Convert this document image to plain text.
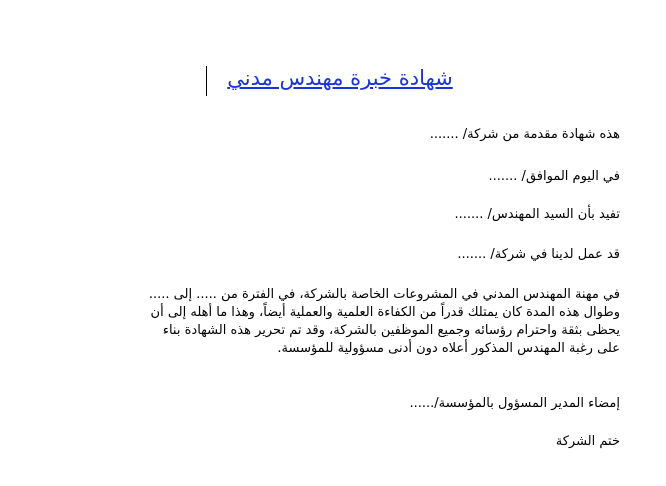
شهادة خبرة مهندس مدني
هذه شهادة مقدمة من شركة/ .......
في اليوم الموافق/ .......
تفيد بأن السيد المهندس/ .......
قد عمل لدينا في شركة/ .......
في مهنة المهندس المدني في المشروعات الخاصة بالشركة، في الفترة من ..... إلى .....
وطوال هذه المدة كان يمتلك قدراً من الكفاءة العلمية والعملية أيضاً، وهذا ما أهله إلى أن
يحظى بثقة واحترام رؤسائه وجميع الموظفين بالشركة، وقد تم تحرير هذه الشهادة بناء
على رغبة المهندس المذكور أعلاه دون أدنى مسؤولية للمؤسسة.
إمضاء المدير المسؤول بالمؤسسة/......
ختم الشركة
